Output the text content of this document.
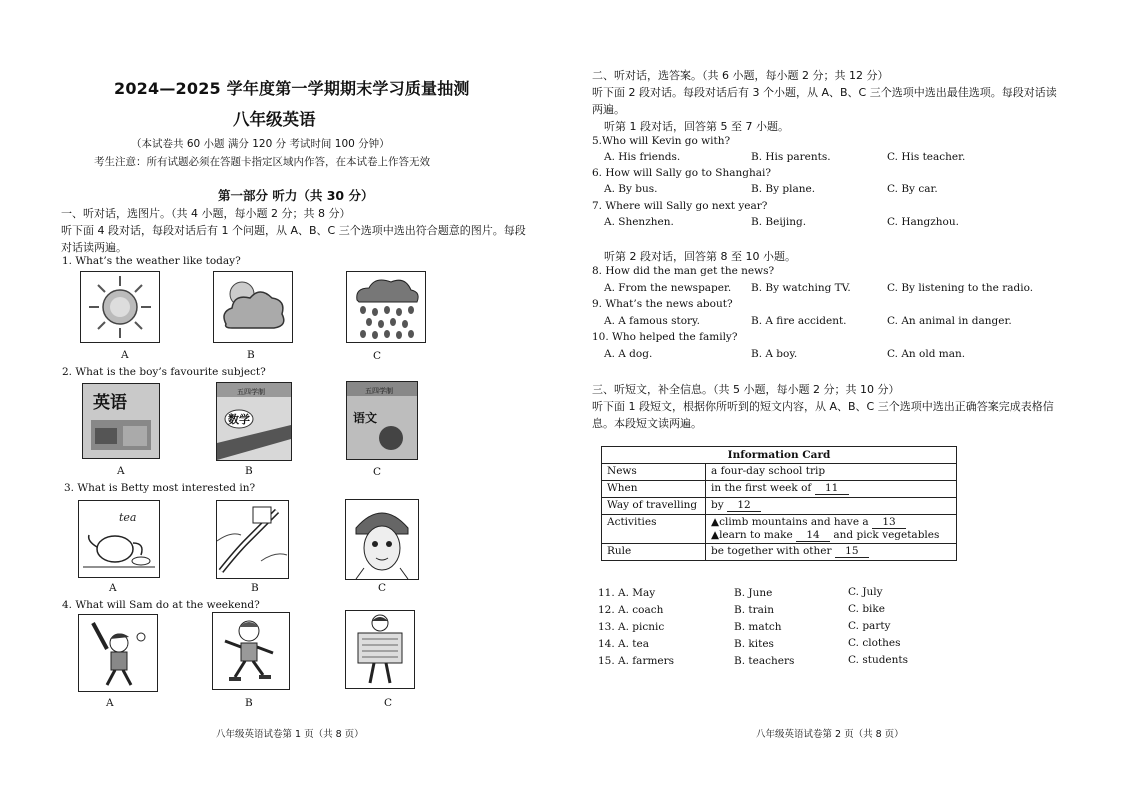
2024—2025 学年度第一学期期末学习质量抽测
八年级英语
（本试卷共 60 小题 满分 120 分 考试时间 100 分钟）
考生注意：所有试题必须在答题卡指定区域内作答，在本试卷上作答无效
第一部分 听力（共 30 分）
一、听对话，选图片。（共 4 小题，每小题 2 分；共 8 分）
听下面 4 段对话，每段对话后有 1 个问题，从 A、B、C 三个选项中选出符合题意的图片。每段
对话读两遍。
1. What’s the weather like today?
A	B	C
2. What is the boy’s favourite subject?
英语
五四学制
数学
五四学制
语文
A	B	C
3. What is Betty most interested in?
tea
A	B	C
4. What will Sam do at the weekend?
A	B	C
八年级英语试卷第 1 页（共 8 页）
二、听对话，选答案。（共 6 小题，每小题 2 分；共 12 分）
听下面 2 段对话。每段对话后有 3 个小题，从 A、B、C 三个选项中选出最佳选项。每段对话读
两遍。
听第 1 段对话，回答第 5 至 7 小题。
5.Who will Kevin go with?
A. His friends.	B. His parents.	C. His teacher.
6. How will Sally go to Shanghai?
A. By bus.	B. By plane.	C. By car.
7. Where will Sally go next year?
A. Shenzhen.	B. Beijing.	C. Hangzhou.
听第 2 段对话，回答第 8 至 10 小题。
8. How did the man get the news?
A. From the newspaper. B. By watching TV.	C. By listening to the radio.
9. What’s the news about?
A. A famous story.	B. A fire accident.	C. An animal in danger.
10. Who helped the family?
A. A dog.	B. A boy.	C. An old man.
三、听短文，补全信息。（共 5 小题，每小题 2 分；共 10 分）
听下面 1 段短文，根据你所听到的短文内容，从 A、B、C 三个选项中选出正确答案完成表格信
息。本段短文读两遍。
Information Card	
News	a four-day school trip
When	in the first week of 11
Way of travelling	by 12
Activities	▲climb mountains and have a 13
▲learn to make 14 and pick vegetables

Rule	be together with other 15
11. A. May	B. June	C. July
12. A. coach	B. train	C. bike
13. A. picnic	B. match	C. party
14. A. tea	B. kites	C. clothes
15. A. farmers	B. teachers	C. students
八年级英语试卷第 2 页（共 8 页）
